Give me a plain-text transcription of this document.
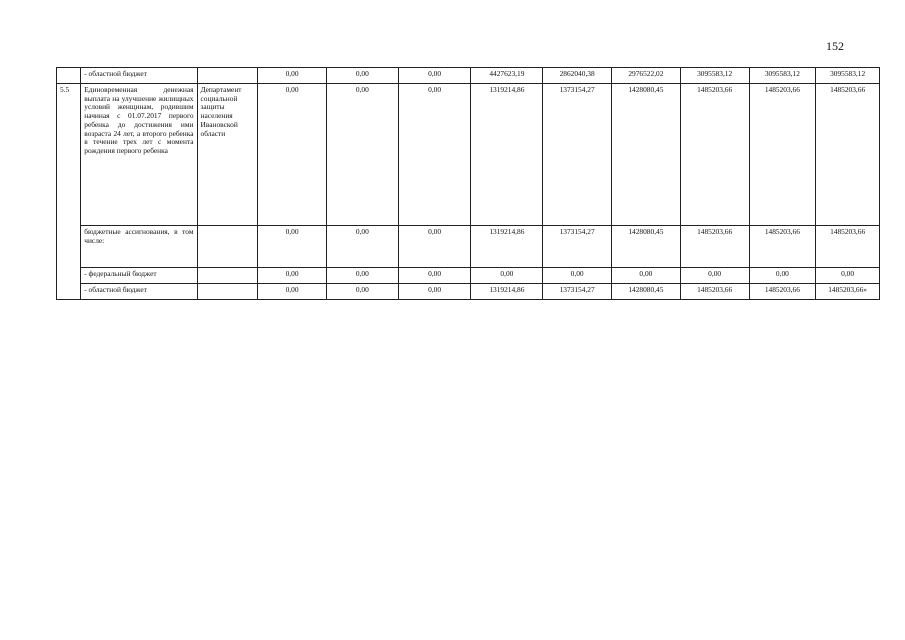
152
	- областной бюджет		0,00	0,00	0,00	4427623,19	2862040,38	2976522,02	3095583,12	3095583,12	3095583,12
5.5	Единовременная денежная выплата на улучшение жилищных условий женщинам, родившим начиная с 01.07.2017 первого ребенка до достижения ими возраста 24 лет, а второго ребенка в течение трех лет с момента рождения первого ребенка	Департамент социальной защиты населения Ивановской области	0,00	0,00	0,00	1319214,86	1373154,27	1428080,45	1485203,66	1485203,66	1485203,66
	бюджетные ассигнования, в том числе:		0,00	0,00	0,00	1319214,86	1373154,27	1428080,45	1485203,66	1485203,66	1485203,66
	- федеральный бюджет		0,00	0,00	0,00	0,00	0,00	0,00	0,00	0,00	0,00
	- областной бюджет		0,00	0,00	0,00	1319214,86	1373154,27	1428080,45	1485203,66	1485203,66	1485203,66»
